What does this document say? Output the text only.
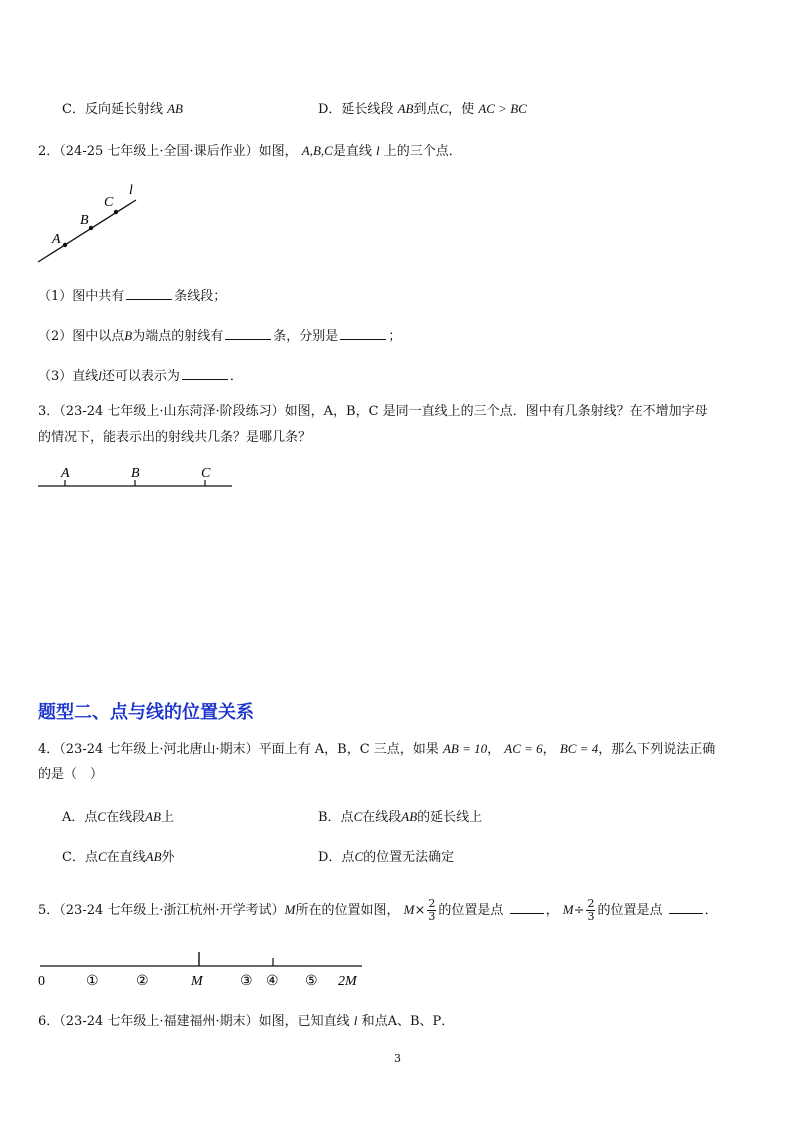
C．反向延长射线 AB	D．延长线段 AB到点C，使 AC > BC
2．（24-25 七年级上·全国·课后作业）如图， A,B,C是直线 l 上的三个点．
l
A
B
C
（1）图中共有	条线段；
（2）图中以点B为端点的射线有	条，分别是	；
（3）直线l还可以表示为	．
3．（23-24 七年级上·山东菏泽·阶段练习）如图，A，B，C 是同一直线上的三个点．图中有几条射线？在不增加字母
的情况下，能表示出的射线共几条？是哪几条？
A	B	C
题型二、点与线的位置关系
4．（23-24 七年级上·河北唐山·期末）平面上有 A，B，C 三点，如果 AB = 10， AC = 6， BC = 4，那么下列说法正确
的是（　）
A．点C在线段AB上	B．点C在线段AB的延长线上
C．点C在直线AB外	D．点C的位置无法确定
5．（23-24 七年级上·浙江杭州·开学考试）M所在的位置如图， $M\times \frac{2}{3}$ 的位置是点	， $M\div \frac{2}{3}$ 的位置是点	．
0	①	②	M	③ ④ ⑤ 2M
6．（23-24 七年级上·福建福州·期末）如图，已知直线 l 和点A、B、P．
3
